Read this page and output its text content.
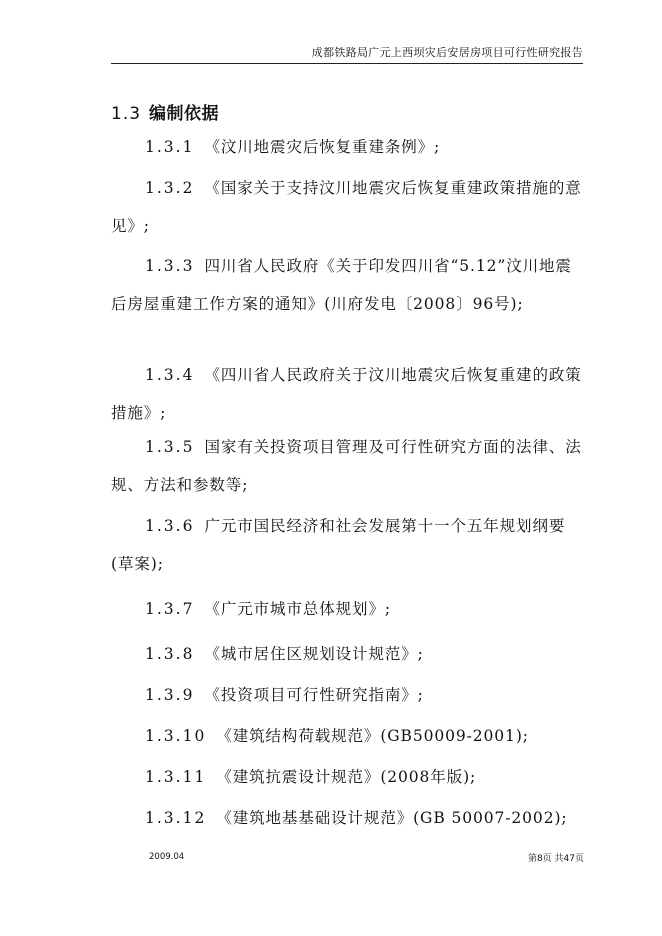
成都铁路局广元上西坝灾后安居房项目可行性研究报告
1.3 编制依据
1.3.1 《汶川地震灾后恢复重建条例》;
1.3.2 《国家关于支持汶川地震灾后恢复重建政策措施的意见》;
1.3.3 四川省人民政府《关于印发四川省“5.12”汶川地震后房屋重建工作方案的通知》(川府发电〔2008〕96号);
1.3.4 《四川省人民政府关于汶川地震灾后恢复重建的政策措施》;
1.3.5 国家有关投资项目管理及可行性研究方面的法律、法规、方法和参数等;
1.3.6 广元市国民经济和社会发展第十一个五年规划纲要(草案);
1.3.7 《广元市城市总体规划》;
1.3.8 《城市居住区规划设计规范》;
1.3.9 《投资项目可行性研究指南》;
1.3.10 《建筑结构荷载规范》(GB50009-2001);
1.3.11 《建筑抗震设计规范》(2008年版);
1.3.12 《建筑地基基础设计规范》(GB 50007-2002);
2009.04	第8页 共47页
